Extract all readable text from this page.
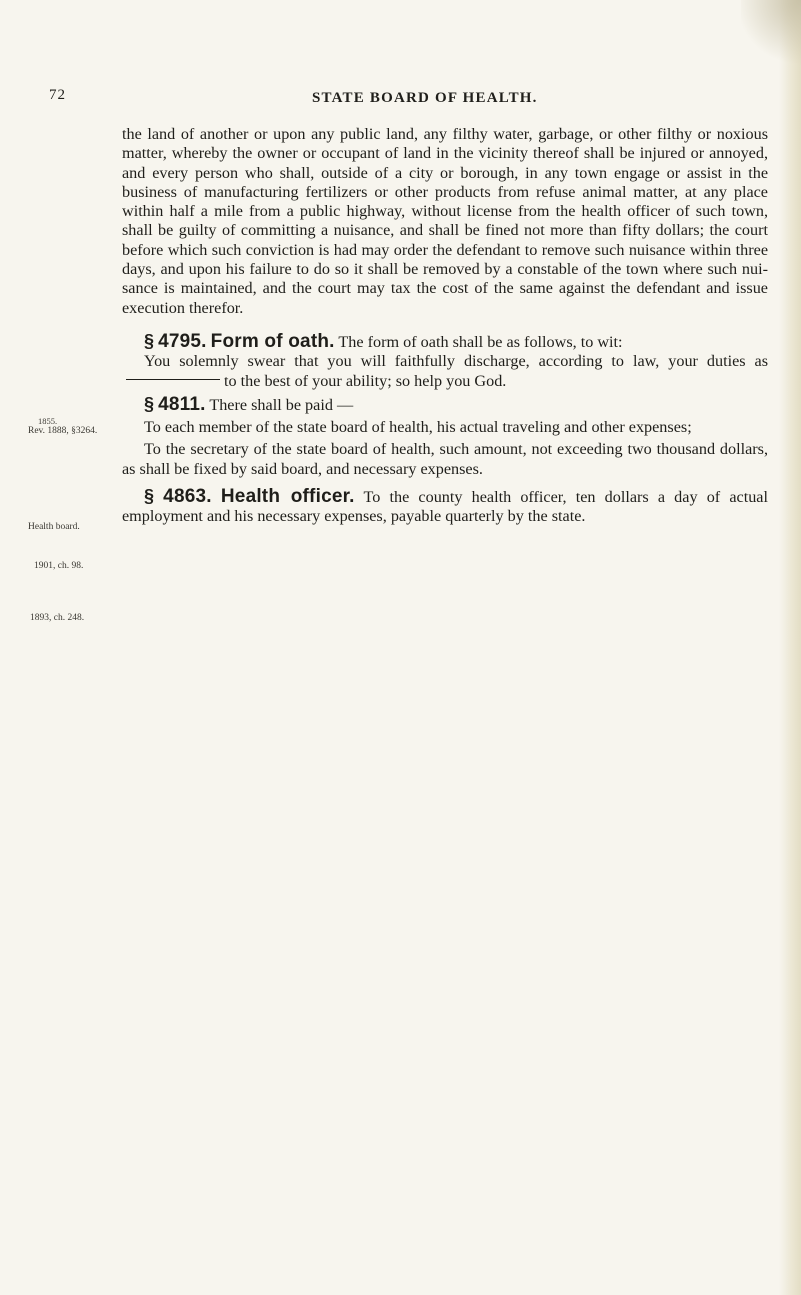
72	STATE BOARD OF HEALTH.
1855.
Rev. 1888, §3264.
Health board.
1901, ch. 98.
1893, ch. 248.

the land of another or upon any public land, any filthy water, garbage, or other filthy or noxious matter, whereby the owner or occupant of land in the vicinity thereof shall be injured or annoyed, and every person who shall, outside of a city or borough, in any town engage or assist in the business of manufacturing fertilizers or other products from refuse animal matter, at any place within half a mile from a public highway, without license from the health officer of such town, shall be guilty of committing a nuisance, and shall be fined not more than fifty dollars; the court before which such conviction is had may order the defendant to remove such nuisance within three days, and upon his failure to do so it shall be removed by a constable of the town where such nui-sance is maintained, and the court may tax the cost of the same against the defendant and issue execution therefor.

§ 4795. Form of oath. The form of oath shall be as follows, to wit:

You solemnly swear that you will faithfully discharge, according to law, your duties asto the best of your ability; so help you God.

§ 4811. There shall be paid —

To each member of the state board of health, his actual traveling and other expenses;

To the secretary of the state board of health, such amount, not exceeding two thousand dollars, as shall be fixed by said board, and necessary expenses.

§ 4863. Health officer. To the county health officer, ten dollars a day of actual employment and his necessary expenses, payable quarterly by the state.
